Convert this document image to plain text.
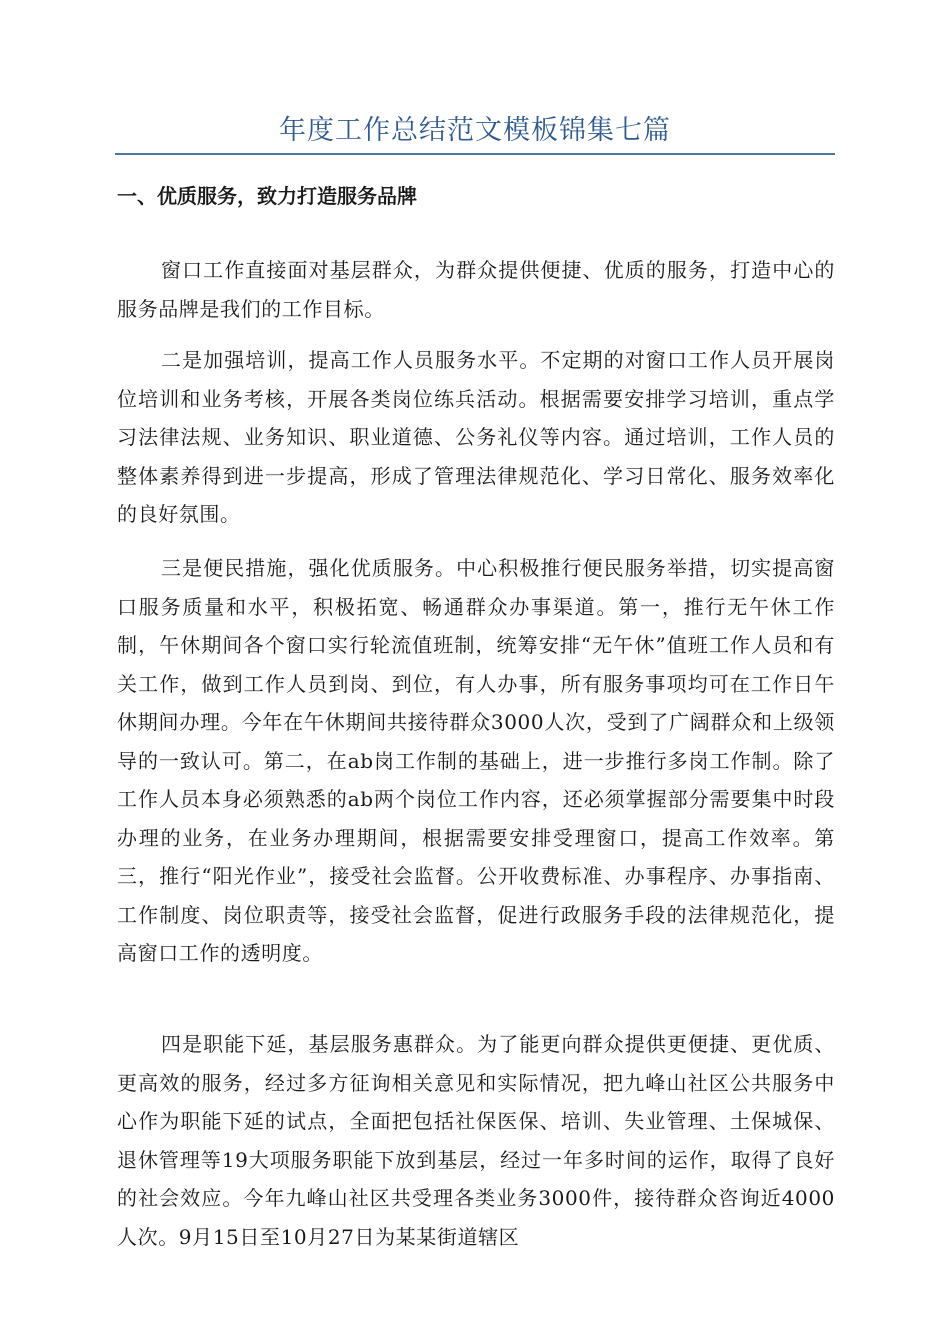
年度工作总结范文模板锦集七篇
一、优质服务，致力打造服务品牌

窗口工作直接面对基层群众，为群众提供便捷、优质的服务，打造中心的服务品牌是我们的工作目标。

二是加强培训，提高工作人员服务水平。不定期的对窗口工作人员开展岗位培训和业务考核，开展各类岗位练兵活动。根据需要安排学习培训，重点学习法律法规、业务知识、职业道德、公务礼仪等内容。通过培训，工作人员的整体素养得到进一步提高，形成了管理法律规范化、学习日常化、服务效率化的良好氛围。

三是便民措施，强化优质服务。中心积极推行便民服务举措，切实提高窗口服务质量和水平，积极拓宽、畅通群众办事渠道。第一，推行无午休工作制，午休期间各个窗口实行轮流值班制，统筹安排“无午休”值班工作人员和有关工作，做到工作人员到岗、到位，有人办事，所有服务事项均可在工作日午休期间办理。今年在午休期间共接待群众3000人次，受到了广阔群众和上级领导的一致认可。第二，在ab岗工作制的基础上，进一步推行多岗工作制。除了工作人员本身必须熟悉的ab两个岗位工作内容，还必须掌握部分需要集中时段办理的业务，在业务办理期间，根据需要安排受理窗口，提高工作效率。第三，推行“阳光作业”，接受社会监督。公开收费标准、办事程序、办事指南、工作制度、岗位职责等，接受社会监督，促进行政服务手段的法律规范化，提高窗口工作的透明度。

四是职能下延，基层服务惠群众。为了能更向群众提供更便捷、更优质、更高效的服务，经过多方征询相关意见和实际情况，把九峰山社区公共服务中心作为职能下延的试点，全面把包括社保医保、培训、失业管理、土保城保、退休管理等19大项服务职能下放到基层，经过一年多时间的运作，取得了良好的社会效应。今年九峰山社区共受理各类业务3000件，接待群众咨询近4000人次。9月15日至10月27日为某某街道辖区
